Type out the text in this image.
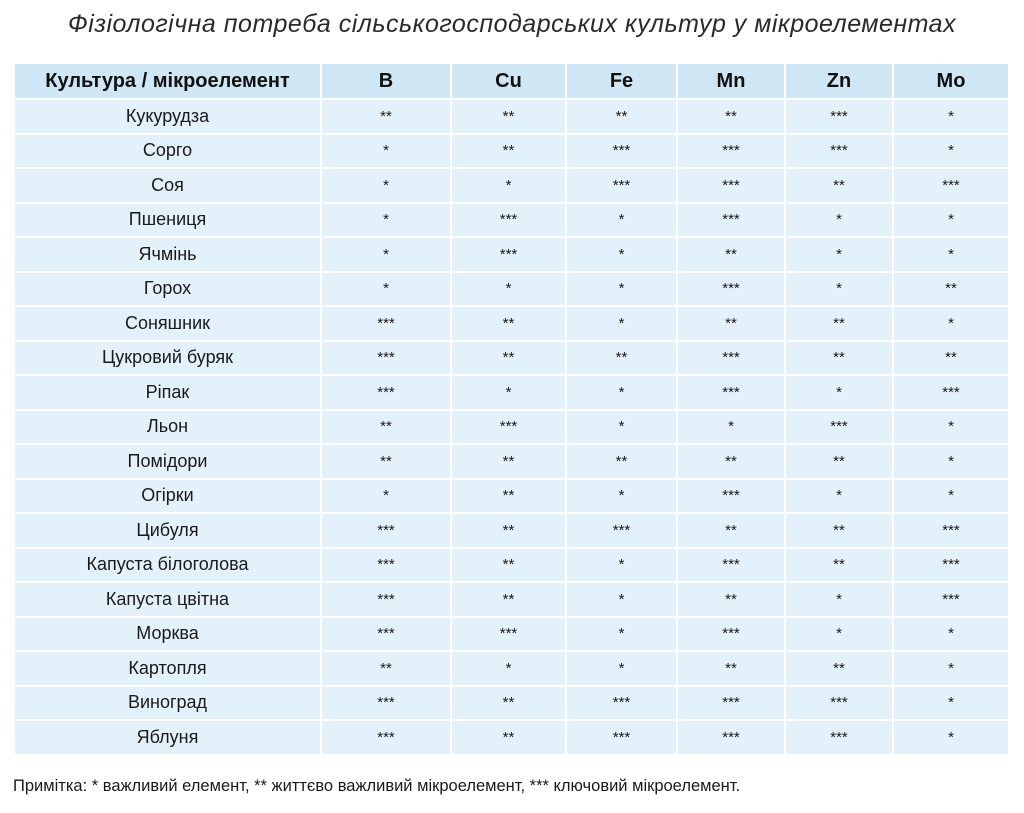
Фізіологічна потреба сільськогосподарських культур у мікроелементах
Культура / мікроелемент	B	Cu	Fe	Mn	Zn	Mo
Кукурудза	**	**	**	**	***	*
Сорго	*	**	***	***	***	*
Соя	*	*	***	***	**	***
Пшениця	*	***	*	***	*	*
Ячмінь	*	***	*	**	*	*
Горох	*	*	*	***	*	**
Соняшник	***	**	*	**	**	*
Цукровий буряк	***	**	**	***	**	**
Ріпак	***	*	*	***	*	***
Льон	**	***	*	*	***	*
Помідори	**	**	**	**	**	*
Огірки	*	**	*	***	*	*
Цибуля	***	**	***	**	**	***
Капуста білоголова	***	**	*	***	**	***
Капуста цвітна	***	**	*	**	*	***
Морква	***	***	*	***	*	*
Картопля	**	*	*	**	**	*
Виноград	***	**	***	***	***	*
Яблуня	***	**	***	***	***	*
Примітка: * важливий елемент, ** життєво важливий мікроелемент, *** ключовий мікроелемент.
